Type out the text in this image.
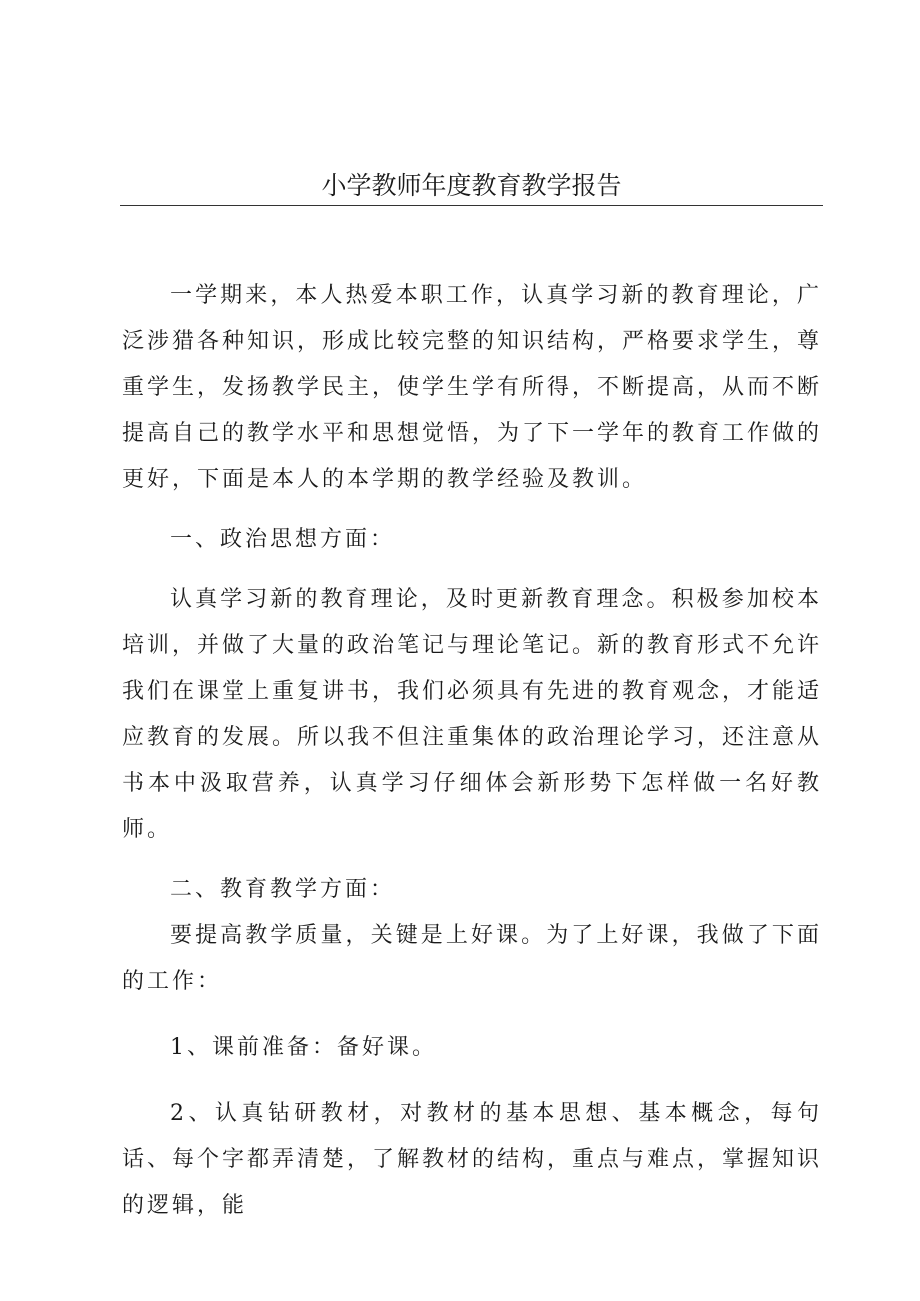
小学教师年度教育教学报告

一学期来，本人热爱本职工作，认真学习新的教育理论，广泛涉猎各种知识，形成比较完整的知识结构，严格要求学生，尊重学生，发扬教学民主，使学生学有所得，不断提高，从而不断提高自己的教学水平和思想觉悟，为了下一学年的教育工作做的更好，下面是本人的本学期的教学经验及教训。

一、政治思想方面：

认真学习新的教育理论，及时更新教育理念。积极参加校本培训，并做了大量的政治笔记与理论笔记。新的教育形式不允许我们在课堂上重复讲书，我们必须具有先进的教育观念，才能适应教育的发展。所以我不但注重集体的政治理论学习，还注意从书本中汲取营养，认真学习仔细体会新形势下怎样做一名好教师。

二、教育教学方面：

要提高教学质量，关键是上好课。为了上好课，我做了下面的工作：

1、课前准备：备好课。

2、认真钻研教材，对教材的基本思想、基本概念，每句话、每个字都弄清楚，了解教材的结构，重点与难点，掌握知识的逻辑，能
